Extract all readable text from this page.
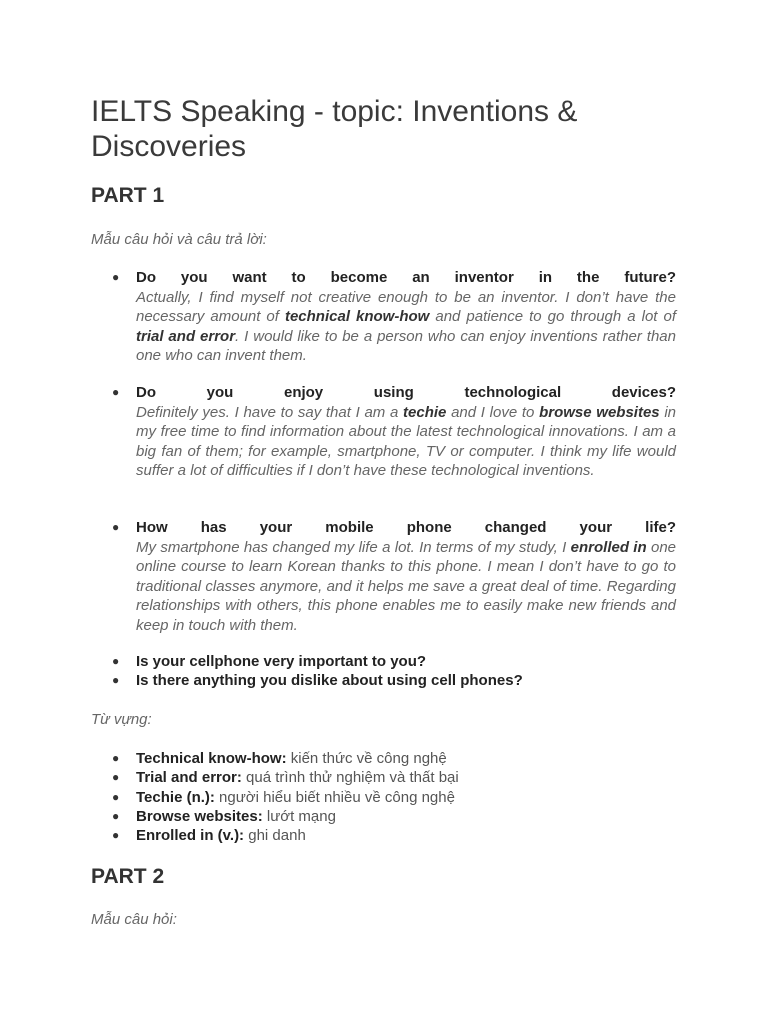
IELTS Speaking - topic: Inventions & Discoveries
PART 1

Mẫu câu hỏi và câu trả lời:

● Do you want to become an inventor in the future?
Actually, I find myself not creative enough to be an inventor. I don’t have the necessary amount of technical know-how and patience to go through a lot of trial and error. I would like to be a person who can enjoy inventions rather than one who can invent them.
● Do you enjoy using technological devices?
Definitely yes. I have to say that I am a techie and I love to browse websites in my free time to find information about the latest technological innovations. I am a big fan of them; for example, smartphone, TV or computer. I think my life would suffer a lot of difficulties if I don’t have these technological inventions.
● How has your mobile phone changed your life?
My smartphone has changed my life a lot. In terms of my study, I enrolled in one online course to learn Korean thanks to this phone. I mean I don’t have to go to traditional classes anymore, and it helps me save a great deal of time. Regarding relationships with others, this phone enables me to easily make new friends and keep in touch with them.
● Is your cellphone very important to you?
● Is there anything you dislike about using cell phones?

Từ vựng:

● Technical know-how: kiến thức về công nghệ
● Trial and error: quá trình thử nghiệm và thất bại
● Techie (n.): người hiểu biết nhiều về công nghệ
● Browse websites: lướt mạng
● Enrolled in (v.): ghi danh
PART 2

Mẫu câu hỏi:
